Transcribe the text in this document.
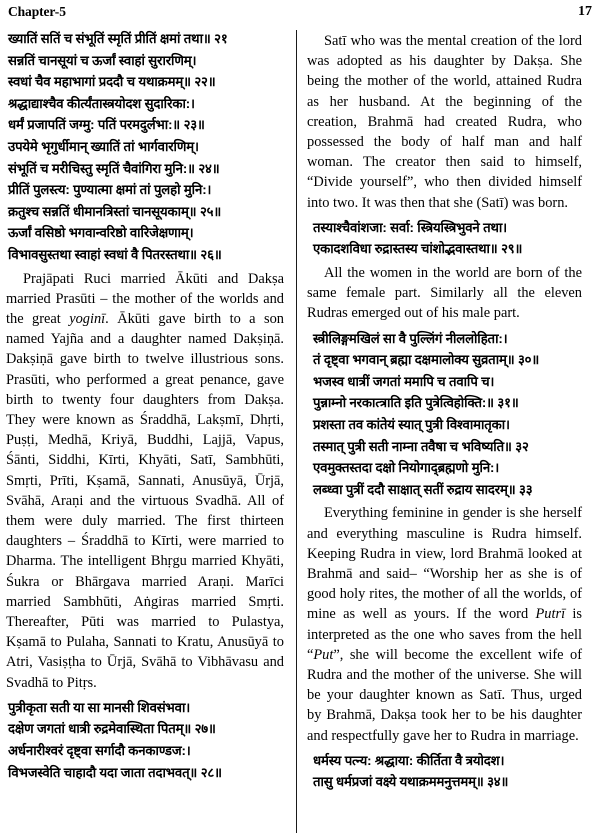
Chapter-5	17
ख्यातिं सतिं च संभूतिं स्मृतिं प्रीतिं क्षमां तथा॥ २१
सन्नतिं चानसूयां च ऊर्जां स्वाहां सुरारणिम्।
स्वधां चैव महाभागां प्रददौ च यथाक्रमम्॥ २२॥
श्रद्धाद्याश्चैव कीर्त्यंतास्त्रयोदश सुदारिका:।
धर्मं प्रजापतिं जग्मु: पतिं परमदुर्लभा:॥ २३॥
उपयेमे भृगुर्धीमान् ख्यातिं तां भार्गवारणिम्।
संभूतिं च मरीचिस्तु स्मृतिं चैवांगिरा मुनि:॥ २४॥
प्रीतिं पुलस्त्य: पुण्यात्मा क्षमां तां पुलहो मुनि:।
क्रतुश्च सन्नतिं धीमानत्रिस्तां चानसूयकाम्॥ २५॥
ऊर्जां वसिष्ठो भगवान्वरिष्ठो वारिजेक्षणाम्।
विभावसुस्तथा स्वाहां स्वधां वै पितरस्तथा॥ २६॥

Prajāpati Ruci married Ākūti and Dakṣa married Prasūti – the mother of the worlds and the great yoginī. Ākūti gave birth to a son named Yajña and a daughter named Dakṣiṇā. Dakṣiṇā gave birth to twelve illustrious sons. Prasūti, who performed a great penance, gave birth to twenty four daughters from Dakṣa. They were known as Śraddhā, Lakṣmī, Dhṛti, Puṣṭi, Medhā, Kriyā, Buddhi, Lajjā, Vapus, Śānti, Siddhi, Kīrti, Khyāti, Satī, Sambhūti, Smṛti, Prīti, Kṣamā, Sannati, Anusūyā, Ūrjā, Svāhā, Araṇi and the virtuous Svadhā. All of them were duly married. The first thirteen daughters – Śraddhā to Kīrti, were married to Dharma. The intelligent Bhṛgu married Khyāti, Śukra or Bhārgava married Araṇi. Marīci married Sambhūti, Aṅgiras married Smṛti. Thereafter, Pūti was married to Pulastya, Kṣamā to Pulaha, Sannati to Kratu, Anusūyā to Atri, Vasiṣṭha to Ūrjā, Svāhā to Vibhāvasu and Svadhā to Pitṛs.

पुत्रीकृता सती या सा मानसी शिवसंभवा।
दक्षेण जगतां धात्री रुद्रमेवास्थिता पितम्॥ २७॥
अर्धनारीश्वरं दृष्ट्वा सर्गादौ कनकाण्डज:।
विभजस्वेति चाहादौ यदा जाता तदाभवत्॥ २८॥

Satī who was the mental creation of the lord was adopted as his daughter by Dakṣa. She being the mother of the world, attained Rudra as her husband. At the beginning of the creation, Brahmā had created Rudra, who possessed the body of half man and half woman. The creator then said to himself, “Divide yourself”, who then divided himself into two. It was then that she (Satī) was born.

तस्याश्चैवांशजा: सर्वा: स्त्रियस्त्रिभुवने तथा।
एकादशविधा रुद्रास्तस्य चांशोद्भवास्तथा॥ २९॥

All the women in the world are born of the same female part. Similarly all the eleven Rudras emerged out of his male part.

स्त्रीलिङ्गमखिलं सा वै पुल्लिंगं नीललोहिता:।
तं दृष्ट्वा भगवान् ब्रह्मा दक्षमालोक्य सुव्रताम्॥ ३०॥
भजस्व धात्रीं जगतां ममापि च तवापि च।
पुन्नाम्नो नरकात्त्राति इति पुत्रेत्विहोक्ति:॥ ३१॥
प्रशस्ता तव कांतेयं स्यात् पुत्री विश्वामातृका।
तस्मात् पुत्री सती नाम्ना तवैषा च भविष्यति॥ ३२
एवमुक्तस्तदा दक्षो नियोगाद्ब्रह्मणो मुनि:।
लब्ध्वा पुत्रीं ददौ साक्षात् सतीं रुद्राय सादरम्॥ ३३

Everything feminine in gender is she herself and everything masculine is Rudra himself. Keeping Rudra in view, lord Brahmā looked at Brahmā and said– “Worship her as she is of good holy rites, the mother of all the worlds, of mine as well as yours. If the word Putrī is interpreted as the one who saves from the hell “Put”, she will become the excellent wife of Rudra and the mother of the universe. She will be your daughter known as Satī. Thus, urged by Brahmā, Dakṣa took her to be his daughter and respectfully gave her to Rudra in marriage.

धर्मस्य पत्न्य: श्रद्धाया: कीर्तिता वै त्रयोदश।
तासु धर्मप्रजां वक्ष्ये यथाक्रममनुत्तमम्॥ ३४॥
